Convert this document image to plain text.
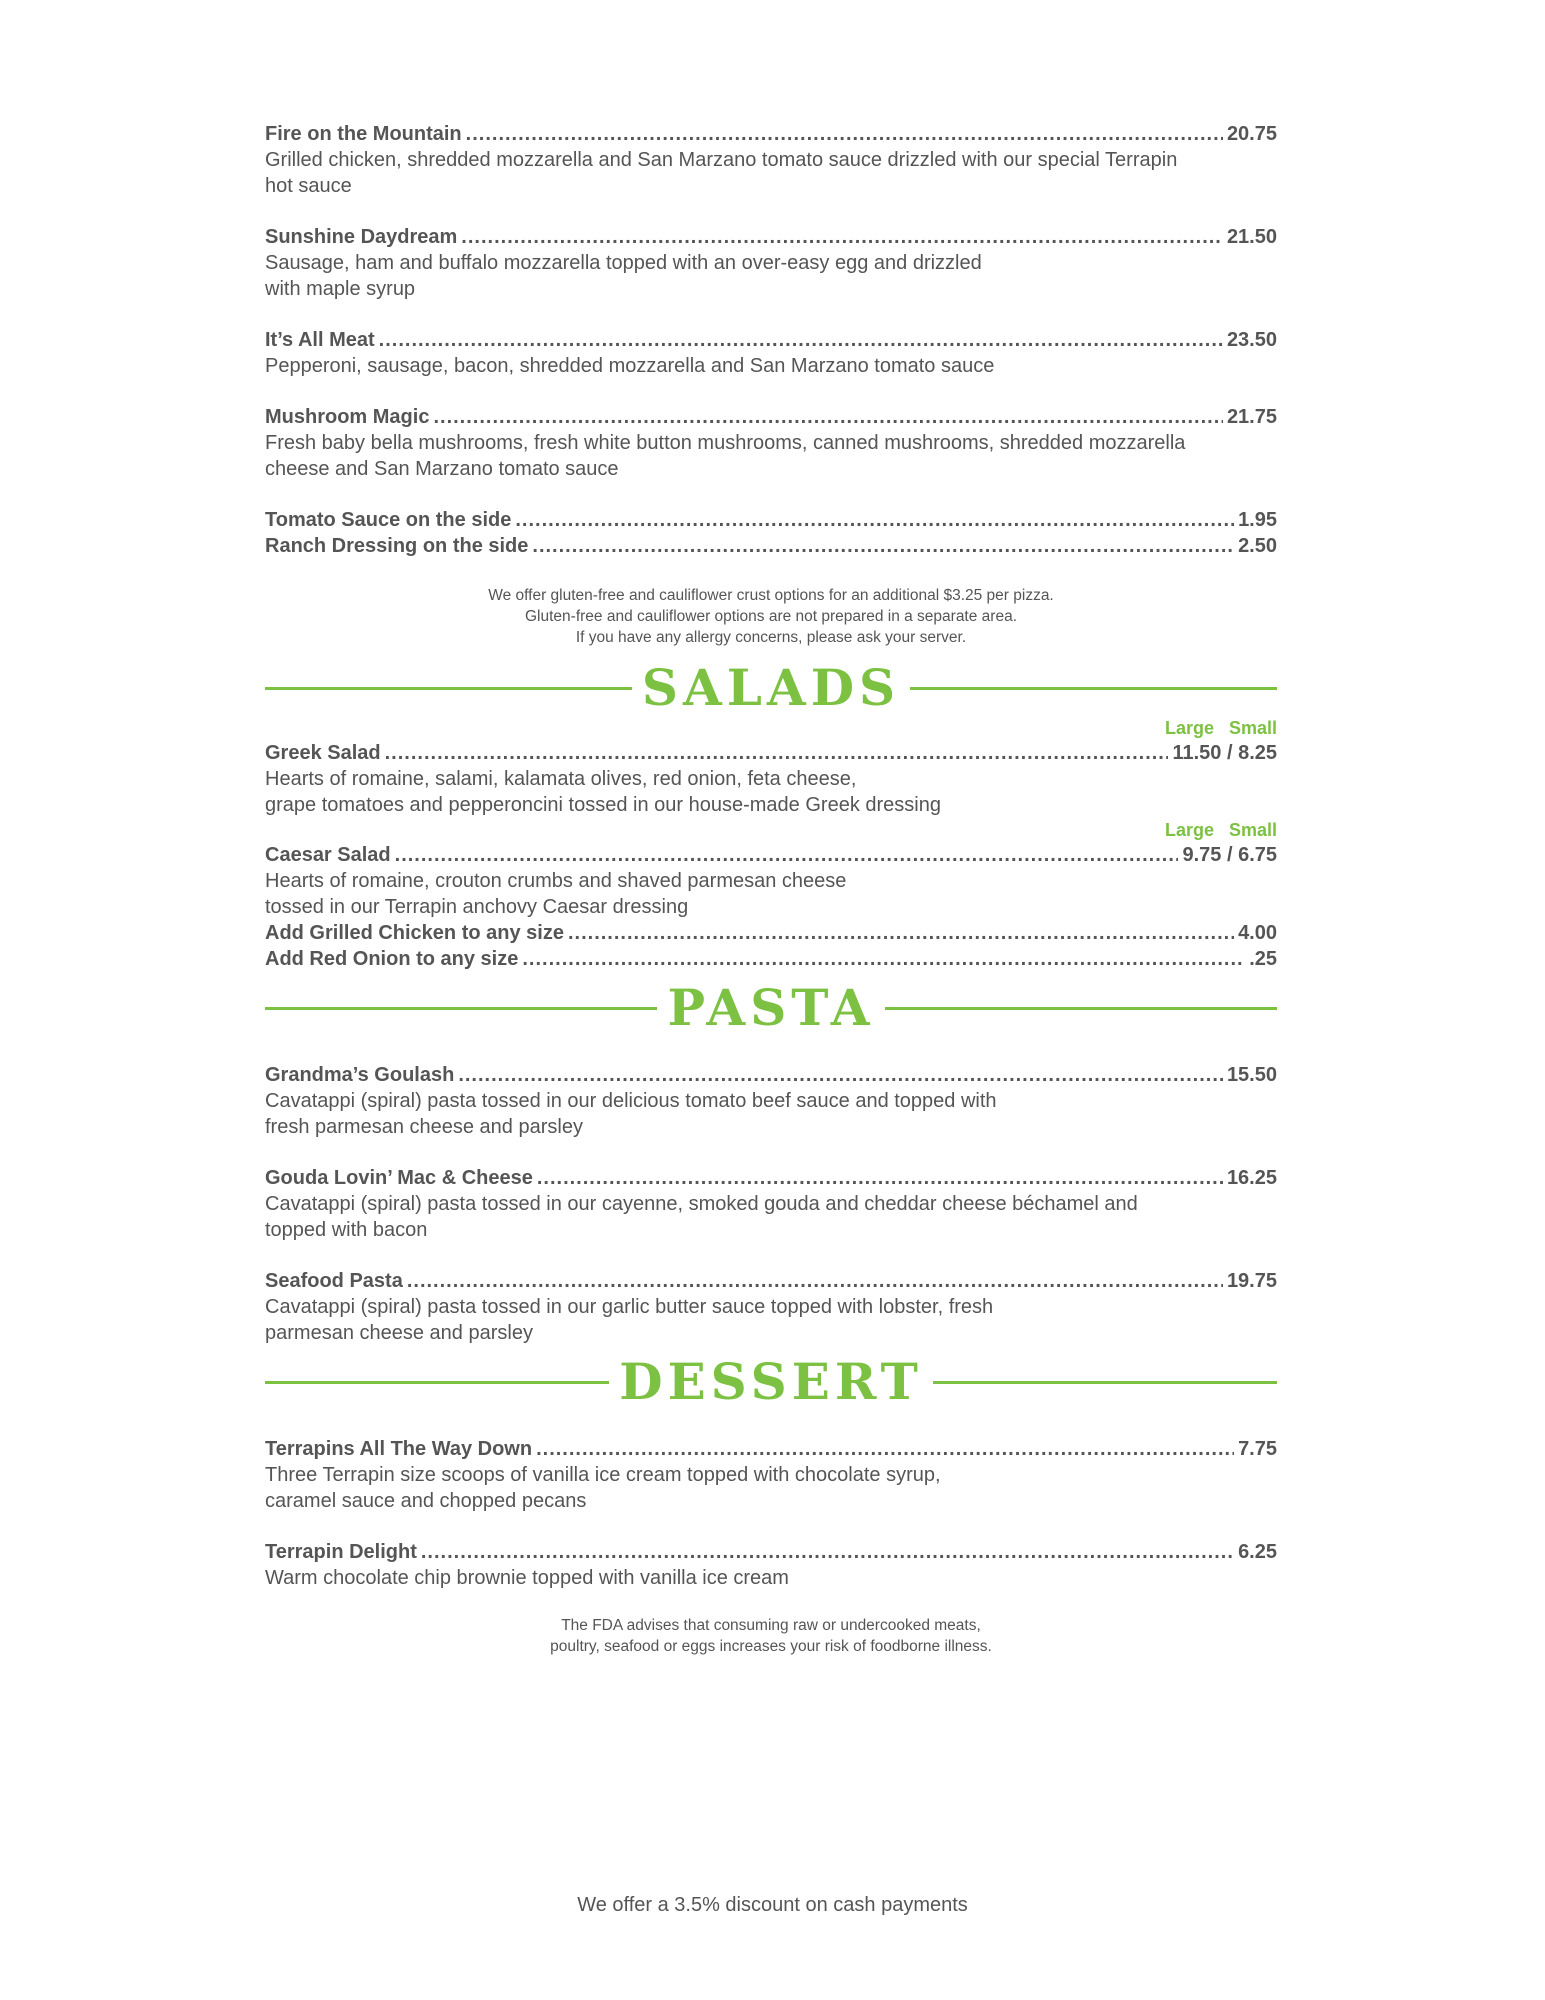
Fire on the Mountain .....	20.75

Grilled chicken, shredded mozzarella and San Marzano tomato sauce drizzled with our special Terrapin

hot sauce

Sunshine Daydream .....	21.50

Sausage, ham and buffalo mozzarella topped with an over-easy egg and drizzled

with maple syrup

It’s All Meat .....	23.50

Pepperoni, sausage, bacon, shredded mozzarella and San Marzano tomato sauce

Mushroom Magic .....	21.75

Fresh baby bella mushrooms, fresh white button mushrooms, canned mushrooms, shredded mozzarella

cheese and San Marzano tomato sauce

Tomato Sauce on the side .....	1.95
Ranch Dressing on the side .....	2.50

We offer gluten-free and cauliflower crust options for an additional $3.25 per pizza.

Gluten-free and cauliflower options are not prepared in a separate area.

If you have any allergy concerns, please ask your server.

SALADS
Large Small
Greek Salad .....	11.50 / 8.25

Hearts of romaine, salami, kalamata olives, red onion, feta cheese,

grape tomatoes and pepperoncini tossed in our house-made Greek dressing

Large Small
Caesar Salad .....	9.75 / 6.75

Hearts of romaine, crouton crumbs and shaved parmesan cheese

tossed in our Terrapin anchovy Caesar dressing

Add Grilled Chicken to any size .....	4.00
Add Red Onion to any size .....	.25
PASTA
Grandma’s Goulash .....	15.50

Cavatappi (spiral) pasta tossed in our delicious tomato beef sauce and topped with

fresh parmesan cheese and parsley

Gouda Lovin’ Mac & Cheese .....	16.25

Cavatappi (spiral) pasta tossed in our cayenne, smoked gouda and cheddar cheese béchamel and

topped with bacon

Seafood Pasta .....	19.75

Cavatappi (spiral) pasta tossed in our garlic butter sauce topped with lobster, fresh

parmesan cheese and parsley

DESSERT
Terrapins All The Way Down .....	7.75

Three Terrapin size scoops of vanilla ice cream topped with chocolate syrup,

caramel sauce and chopped pecans

Terrapin Delight .....	6.25

Warm chocolate chip brownie topped with vanilla ice cream

The FDA advises that consuming raw or undercooked meats,

poultry, seafood or eggs increases your risk of foodborne illness.

We offer a 3.5% discount on cash payments
